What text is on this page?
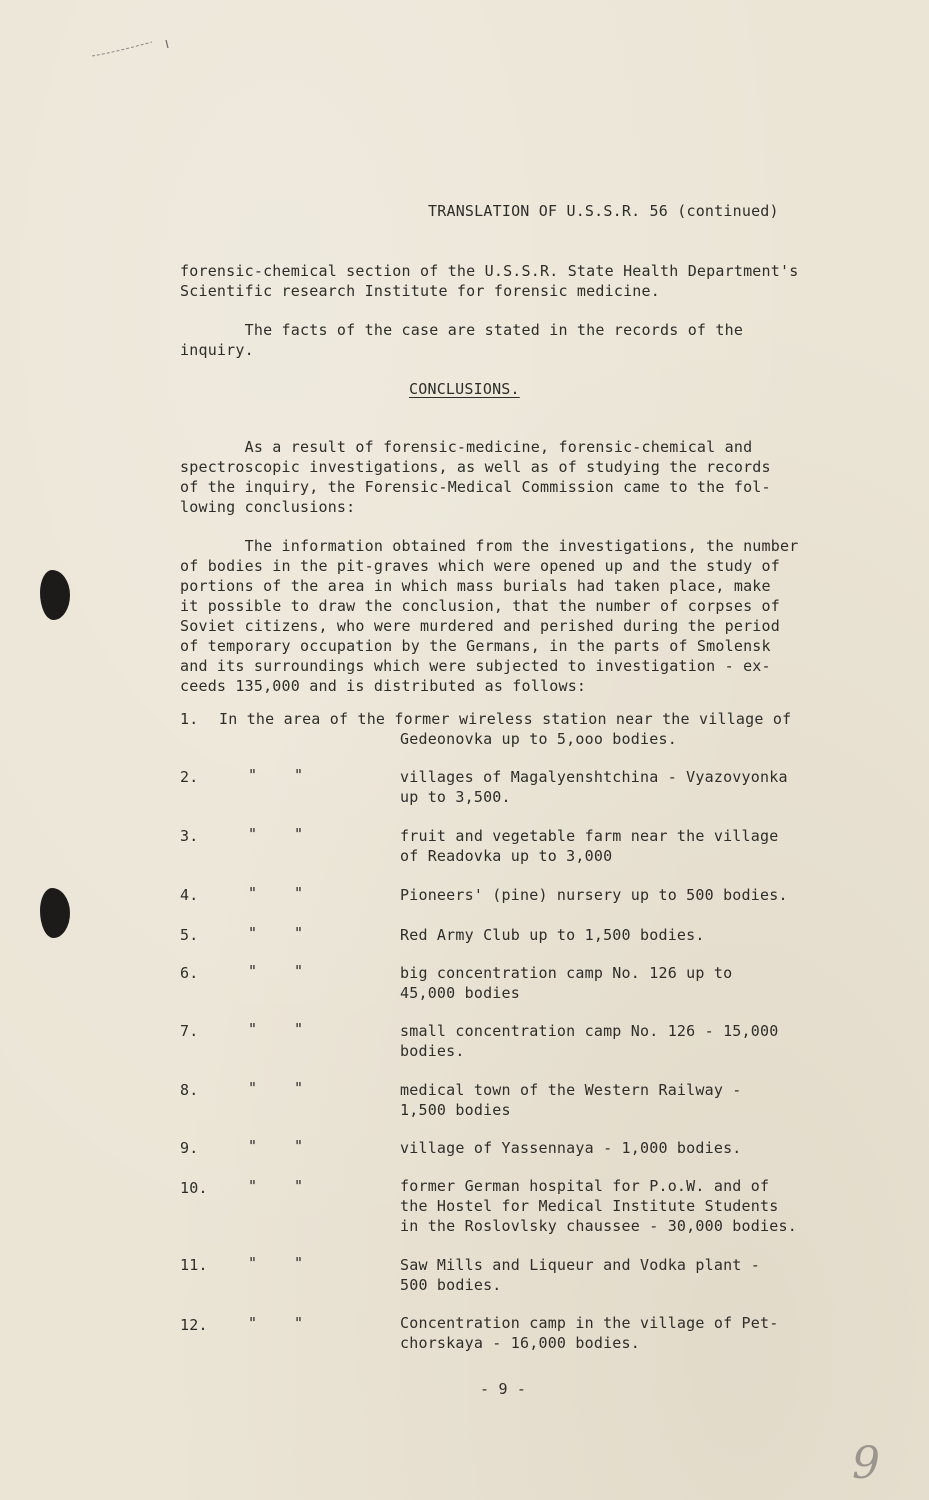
TRANSLATION OF U.S.S.R. 56 (continued)
forensic-chemical section of the U.S.S.R. State Health Department's
Scientific research Institute for forensic medicine.
The facts of the case are stated in the records of the
inquiry.
CONCLUSIONS.
As a result of forensic-medicine, forensic-chemical and
spectroscopic investigations, as well as of studying the records
of the inquiry, the Forensic-Medical Commission came to the fol-
lowing conclusions:
The information obtained from the investigations, the number
of bodies in the pit-graves which were opened up and the study of
portions of the area in which mass burials had taken place, make
it possible to draw the conclusion, that the number of corpses of
Soviet citizens, who were murdered and perished during the period
of temporary occupation by the Germans, in the parts of Smolensk
and its surroundings which were subjected to investigation - ex-
ceeds 135,000 and is distributed as follows:
1. In the area of the former wireless station near the village of
Gedeonovka up to 5,ooo bodies.
2.	" "	villages of Magalyenshtchina - Vyazovyonka
up to 3,500.
3.	" "	fruit and vegetable farm near the village
of Readovka up to 3,000
4.	" "	Pioneers' (pine) nursery up to 500 bodies.
5.	" "	Red Army Club up to 1,500 bodies.
6.	" "	big concentration camp No. 126 up to
45,000 bodies
7.	" "	small concentration camp No. 126 - 15,000
bodies.
8.	" "	medical town of the Western Railway -
1,500 bodies
9.	" "	village of Yassennaya - 1,000 bodies.
10.	" "	former German hospital for P.o.W. and of
the Hostel for Medical Institute Students
in the Roslovlsky chaussee - 30,000 bodies.
11.	" "	Saw Mills and Liqueur and Vodka plant -
500 bodies.
12.	" "	Concentration camp in the village of Pet-
chorskaya - 16,000 bodies.
- 9 -
9
